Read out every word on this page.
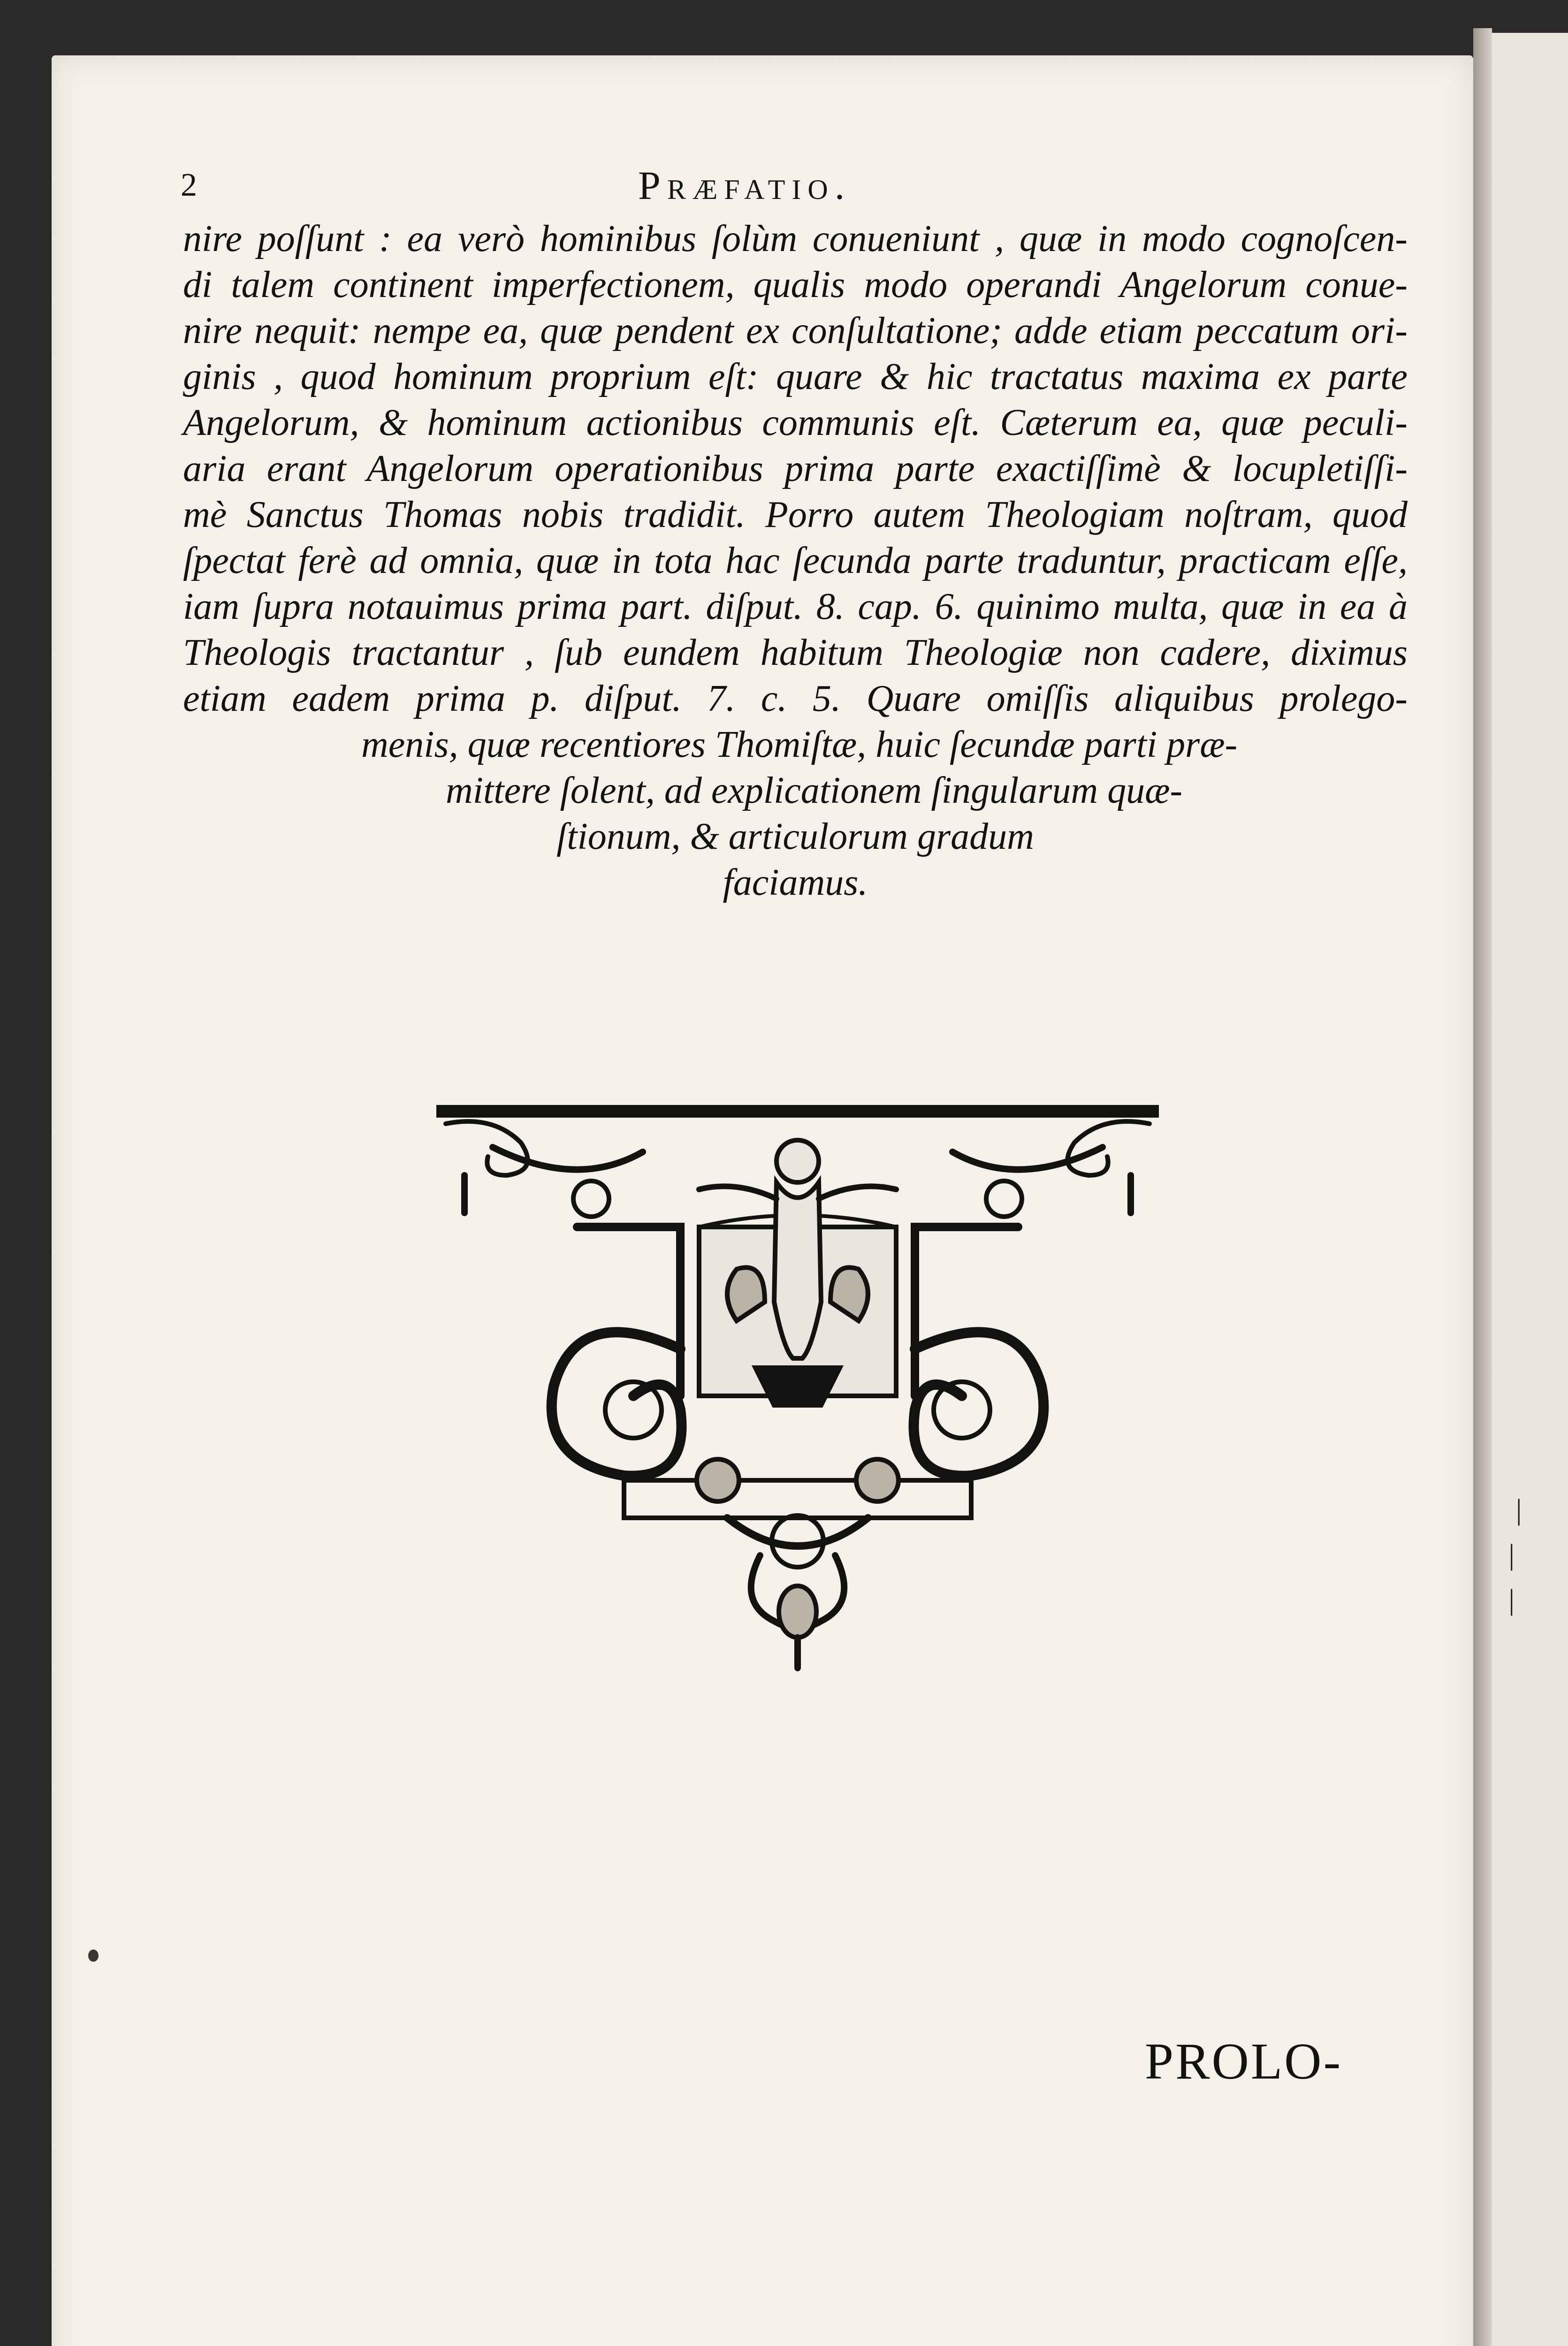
|
|
|
2	Præfatio.
nire poſſunt : ea verò hominibus ſolùm conueniunt , quæ in modo cognoſcen-
di talem continent imperfectionem, qualis modo operandi Angelorum conue-
nire nequit: nempe ea, quæ pendent ex conſultatione; adde etiam peccatum ori-
ginis , quod hominum proprium eſt: quare & hic tractatus maxima ex parte
Angelorum, & hominum actionibus communis eſt. Cæterum ea, quæ peculi-
aria erant Angelorum operationibus prima parte exactiſſimè & locupletiſſi-
mè Sanctus Thomas nobis tradidit. Porro autem Theologiam noſtram, quod
ſpectat ferè ad omnia, quæ in tota hac ſecunda parte traduntur, practicam eſſe,
iam ſupra notauimus prima part. diſput. 8. cap. 6. quinimo multa, quæ in ea à
Theologis tractantur , ſub eundem habitum Theologiæ non cadere, diximus
etiam eadem prima p. diſput. 7. c. 5. Quare omiſſis aliquibus prolego-
menis, quæ recentiores Thomiſtæ, huic ſecundæ parti præ-
mittere ſolent, ad explicationem ſingularum quæ-
ſtionum, & articulorum gradum
faciamus.
PROLO-
